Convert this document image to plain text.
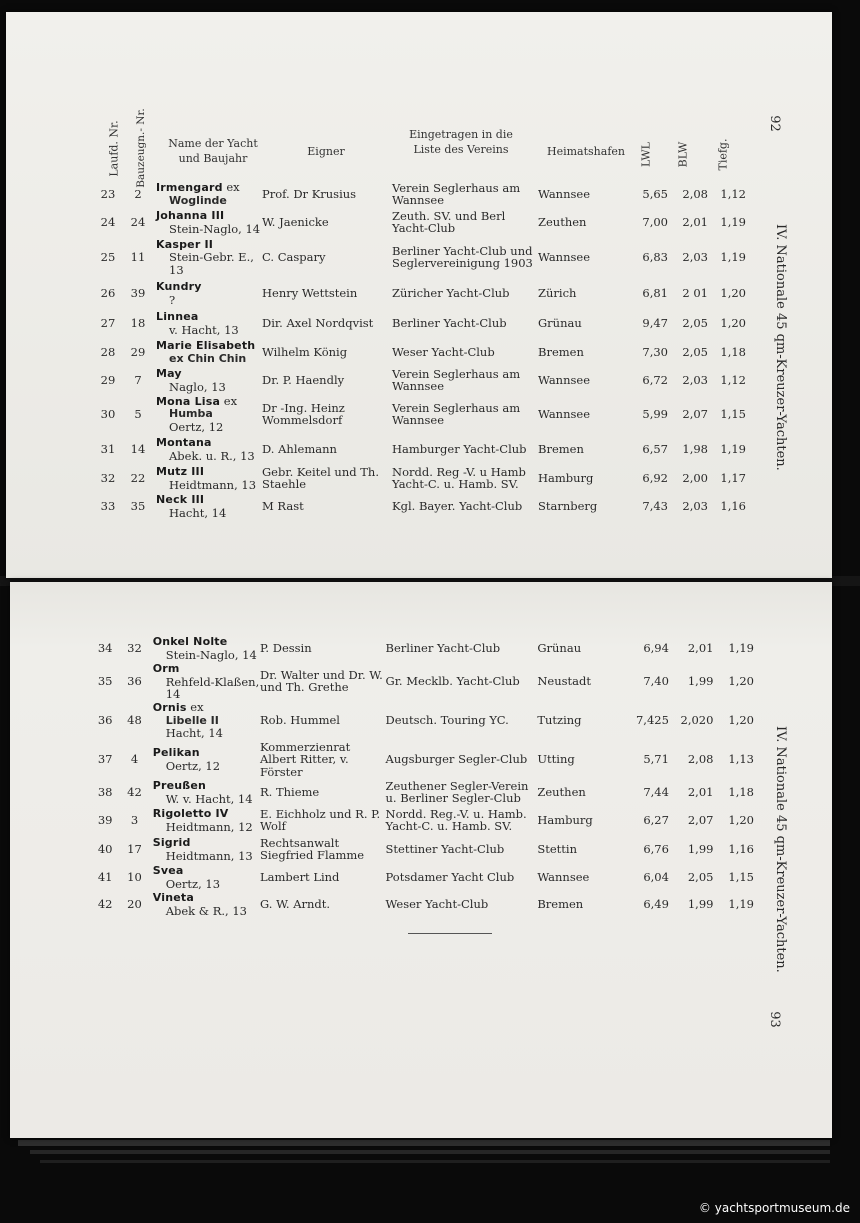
Laufd. Nr. Bauzeugn.- Nr.	Name der Yacht und Baujahr
Eigner
Eingetragen in die Liste des Vereins	Heimatshafen	LWL BLW Tiefg.
23	2	Irmengard ex
Woglinde	Prof. Dr Krusius	Verein Seglerhaus am Wannsee	Wannsee	5,65	2,08	1,12
24	24	Johanna III
Stein-Naglo, 14	W. Jaenicke	Zeuth. SV. und Berl Yacht-Club	Zeuthen	7,00	2,01	1,19
25	11	Kasper II
Stein-Gebr. E., 13	C. Caspary	Berliner Yacht-Club und Seglervereinigung 1903	Wannsee	6,83	2,03	1,19
26	39	Kundry
?	Henry Wettstein	Züricher Yacht-Club	Zürich	6,81	2 01	1,20
27	18	Linnea
v. Hacht, 13	Dir. Axel Nordqvist	Berliner Yacht-Club	Grünau	9,47	2,05	1,20
28	29	Marie Elisabeth
ex Chin Chin	Wilhelm König	Weser Yacht-Club	Bremen	7,30	2,05	1,18
29	7	May
Naglo, 13	Dr. P. Haendly	Verein Seglerhaus am Wannsee	Wannsee	6,72	2,03	1,12
30	5	Mona Lisa ex
Humba
Oertz, 12	Dr -Ing. Heinz Wommelsdorf	Verein Seglerhaus am Wannsee	Wannsee	5,99	2,07	1,15
31	14	Montana
Abek. u. R., 13	D. Ahlemann	Hamburger Yacht-Club	Bremen	6,57	1,98	1,19
32	22	Mutz III
Heidtmann, 13	Gebr. Keitel und Th. Staehle	Nordd. Reg -V. u Hamb Yacht-C. u. Hamb. SV.	Hamburg	6,92	2,00	1,17
33	35	Neck III
Hacht, 14	M Rast	Kgl. Bayer. Yacht-Club	Starnberg	7,43	2,03	1,16
92
IV. Nationale 45 qm-Kreuzer-Yachten.
34	32	Onkel Nolte
Stein-Naglo, 14	P. Dessin	Berliner Yacht-Club	Grünau	6,94	2,01	1,19
35	36	Orm
Rehfeld-Klaßen, 14	Dr. Walter und Dr. W. und Th. Grethe	Gr. Mecklb. Yacht-Club	Neustadt	7,40	1,99	1,20
36	48	Ornis ex
Libelle II
Hacht, 14	Rob. Hummel	Deutsch. Touring YC.	Tutzing	7,425	2,020	1,20
37	4	Pelikan
Oertz, 12	Kommerzienrat Albert Ritter, v. Förster	Augsburger Segler-Club	Utting	5,71	2,08	1,13
38	42	Preußen
W. v. Hacht, 14	R. Thieme	Zeuthener Segler-Verein u. Berliner Segler-Club	Zeuthen	7,44	2,01	1,18
39	3	Rigoletto IV
Heidtmann, 12	E. Eichholz und R. P. Wolf	Nordd. Reg.-V. u. Hamb. Yacht-C. u. Hamb. SV.	Hamburg	6,27	2,07	1,20
40	17	Sigrid
Heidtmann, 13	Rechtsanwalt Siegfried Flamme	Stettiner Yacht-Club	Stettin	6,76	1,99	1,16
41	10	Svea
Oertz, 13	Lambert Lind	Potsdamer Yacht Club	Wannsee	6,04	2,05	1,15
42	20	Vineta
Abek & R., 13	G. W. Arndt.	Weser Yacht-Club	Bremen	6,49	1,99	1,19
93
IV. Nationale 45 qm-Kreuzer-Yachten.
© yachtsportmuseum.de
